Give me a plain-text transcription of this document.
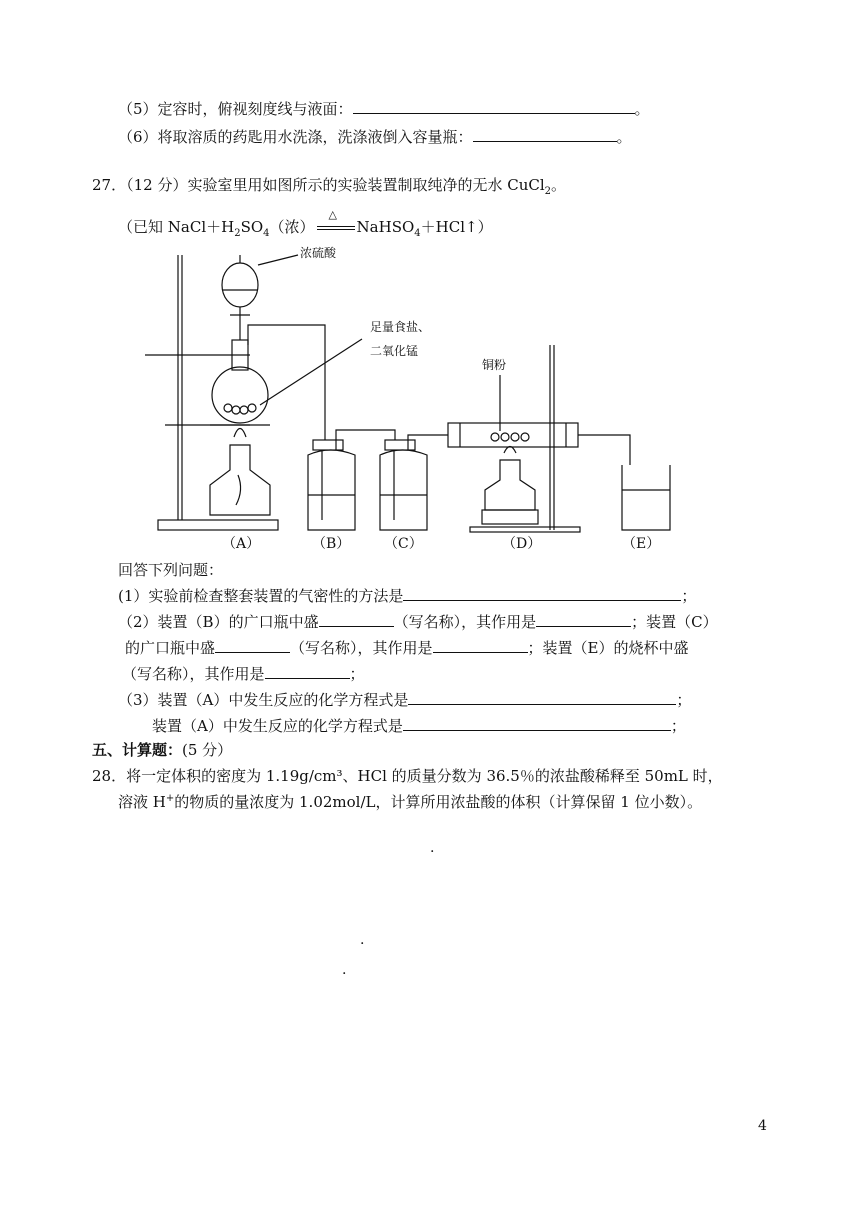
（5）定容时，俯视刻度线与液面：	。
（6）将取溶质的药匙用水洗涤，洗涤液倒入容量瓶：	。
27．（12 分）实验室里用如图所示的实验装置制取纯净的无水 CuCl$_2$。
（已知 $NaCl+H_2SO_4$（浓）
△
NaHSO$_4$＋HCl↑）
浓硫酸
足量食盐、
二氧化锰
铜粉
（A）	（B） （C）	（D）	（E）
回答下列问题：
(1）实验前检查整套装置的气密性的方法是	；
（2）装置（B）的广口瓶中盛	（写名称），其作用是	；装置（C）
的广口瓶中盛	（写名称），其作用是	；装置（E）的烧杯中盛
（写名称），其作用是	；
（3）装置（A）中发生反应的化学方程式是	；
装置（A）中发生反应的化学方程式是	；
五、计算题：(5 分）
28．将一定体积的密度为 1.19g/cm³、HCl 的质量分数为 36.5％的浓盐酸稀释至 50mL 时，
溶液 H+的物质的量浓度为 1.02mol/L，计算所用浓盐酸的体积（计算保留 1 位小数）。
.
.
.
4
